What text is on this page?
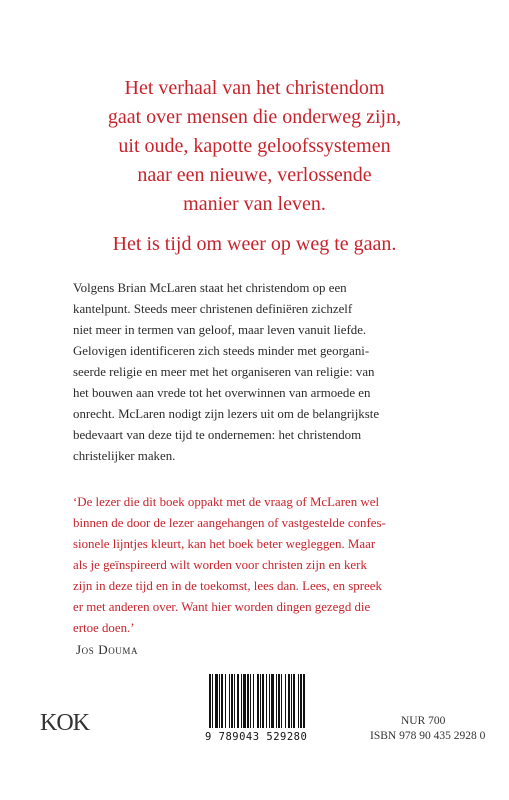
Het verhaal van het christendom
gaat over mensen die onderweg zijn,
uit oude, kapotte geloofssystemen
naar een nieuwe, verlossende
manier van leven.
Het is tijd om weer op weg te gaan.
Volgens Brian McLaren staat het christendom op een
kantelpunt. Steeds meer christenen definiëren zichzelf
niet meer in termen van geloof, maar leven vanuit liefde.
Gelovigen identificeren zich steeds minder met georgani-
seerde religie en meer met het organiseren van religie: van
het bouwen aan vrede tot het overwinnen van armoede en
onrecht. McLaren nodigt zijn lezers uit om de belangrijkste
bedevaart van deze tijd te ondernemen: het christendom
christelijker maken.
‘De lezer die dit boek oppakt met de vraag of McLaren wel
binnen de door de lezer aangehangen of vastgestelde confes-
sionele lijntjes kleurt, kan het boek beter wegleggen. Maar
als je geïnspireerd wilt worden voor christen zijn en kerk
zijn in deze tijd en in de toekomst, lees dan. Lees, en spreek
er met anderen over. Want hier worden dingen gezegd die
ertoe doen.’
Jos Douma
KOK
9 789043 529280
NUR 700
ISBN 978 90 435 2928 0
